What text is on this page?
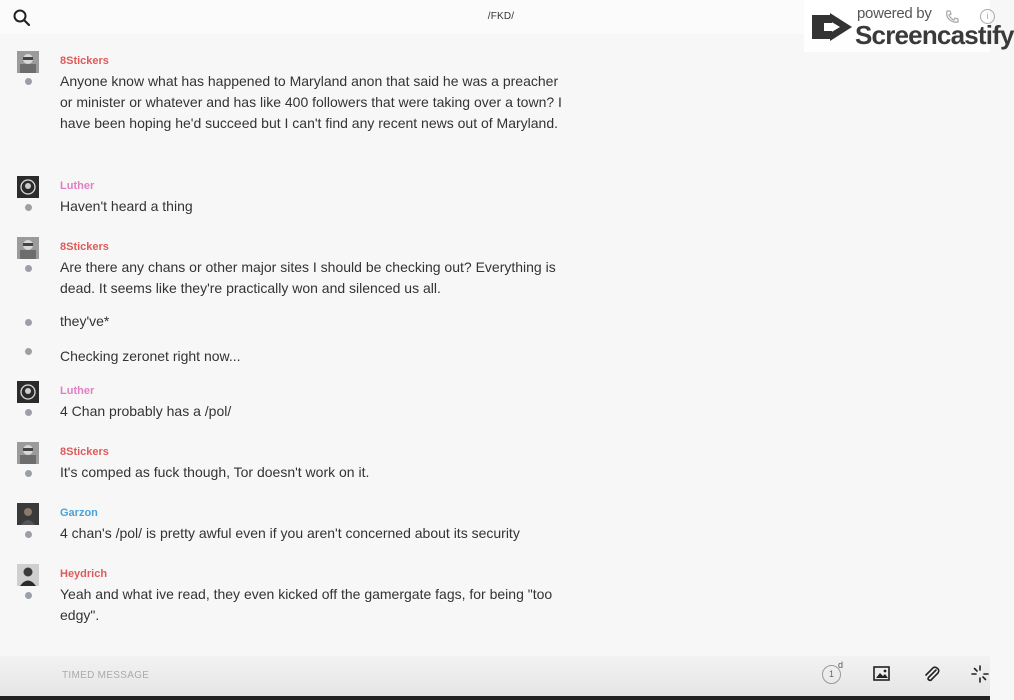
/FKD/	powered by
Screencastify
i
8Stickers
Anyone know what has happened to Maryland anon that said he was a preacher or minister or whatever and has like 400 followers that were taking over a town? I have been hoping he'd succeed but I can't find any recent news out of Maryland.
Luther
Haven't heard a thing
8Stickers
Are there any chans or other major sites I should be checking out? Everything is dead. It seems like they're practically won and silenced us all.
they've*
Checking zeronet right now...
Luther
4 Chan probably has a /pol/
8Stickers
It's comped as fuck though, Tor doesn't work on it.
Garzon
4 chan's /pol/ is pretty awful even if you aren't concerned about its security
Heydrich
Yeah and what ive read, they even kicked off the gamergate fags, for being "too edgy".
TIMED MESSAGE
1
d
